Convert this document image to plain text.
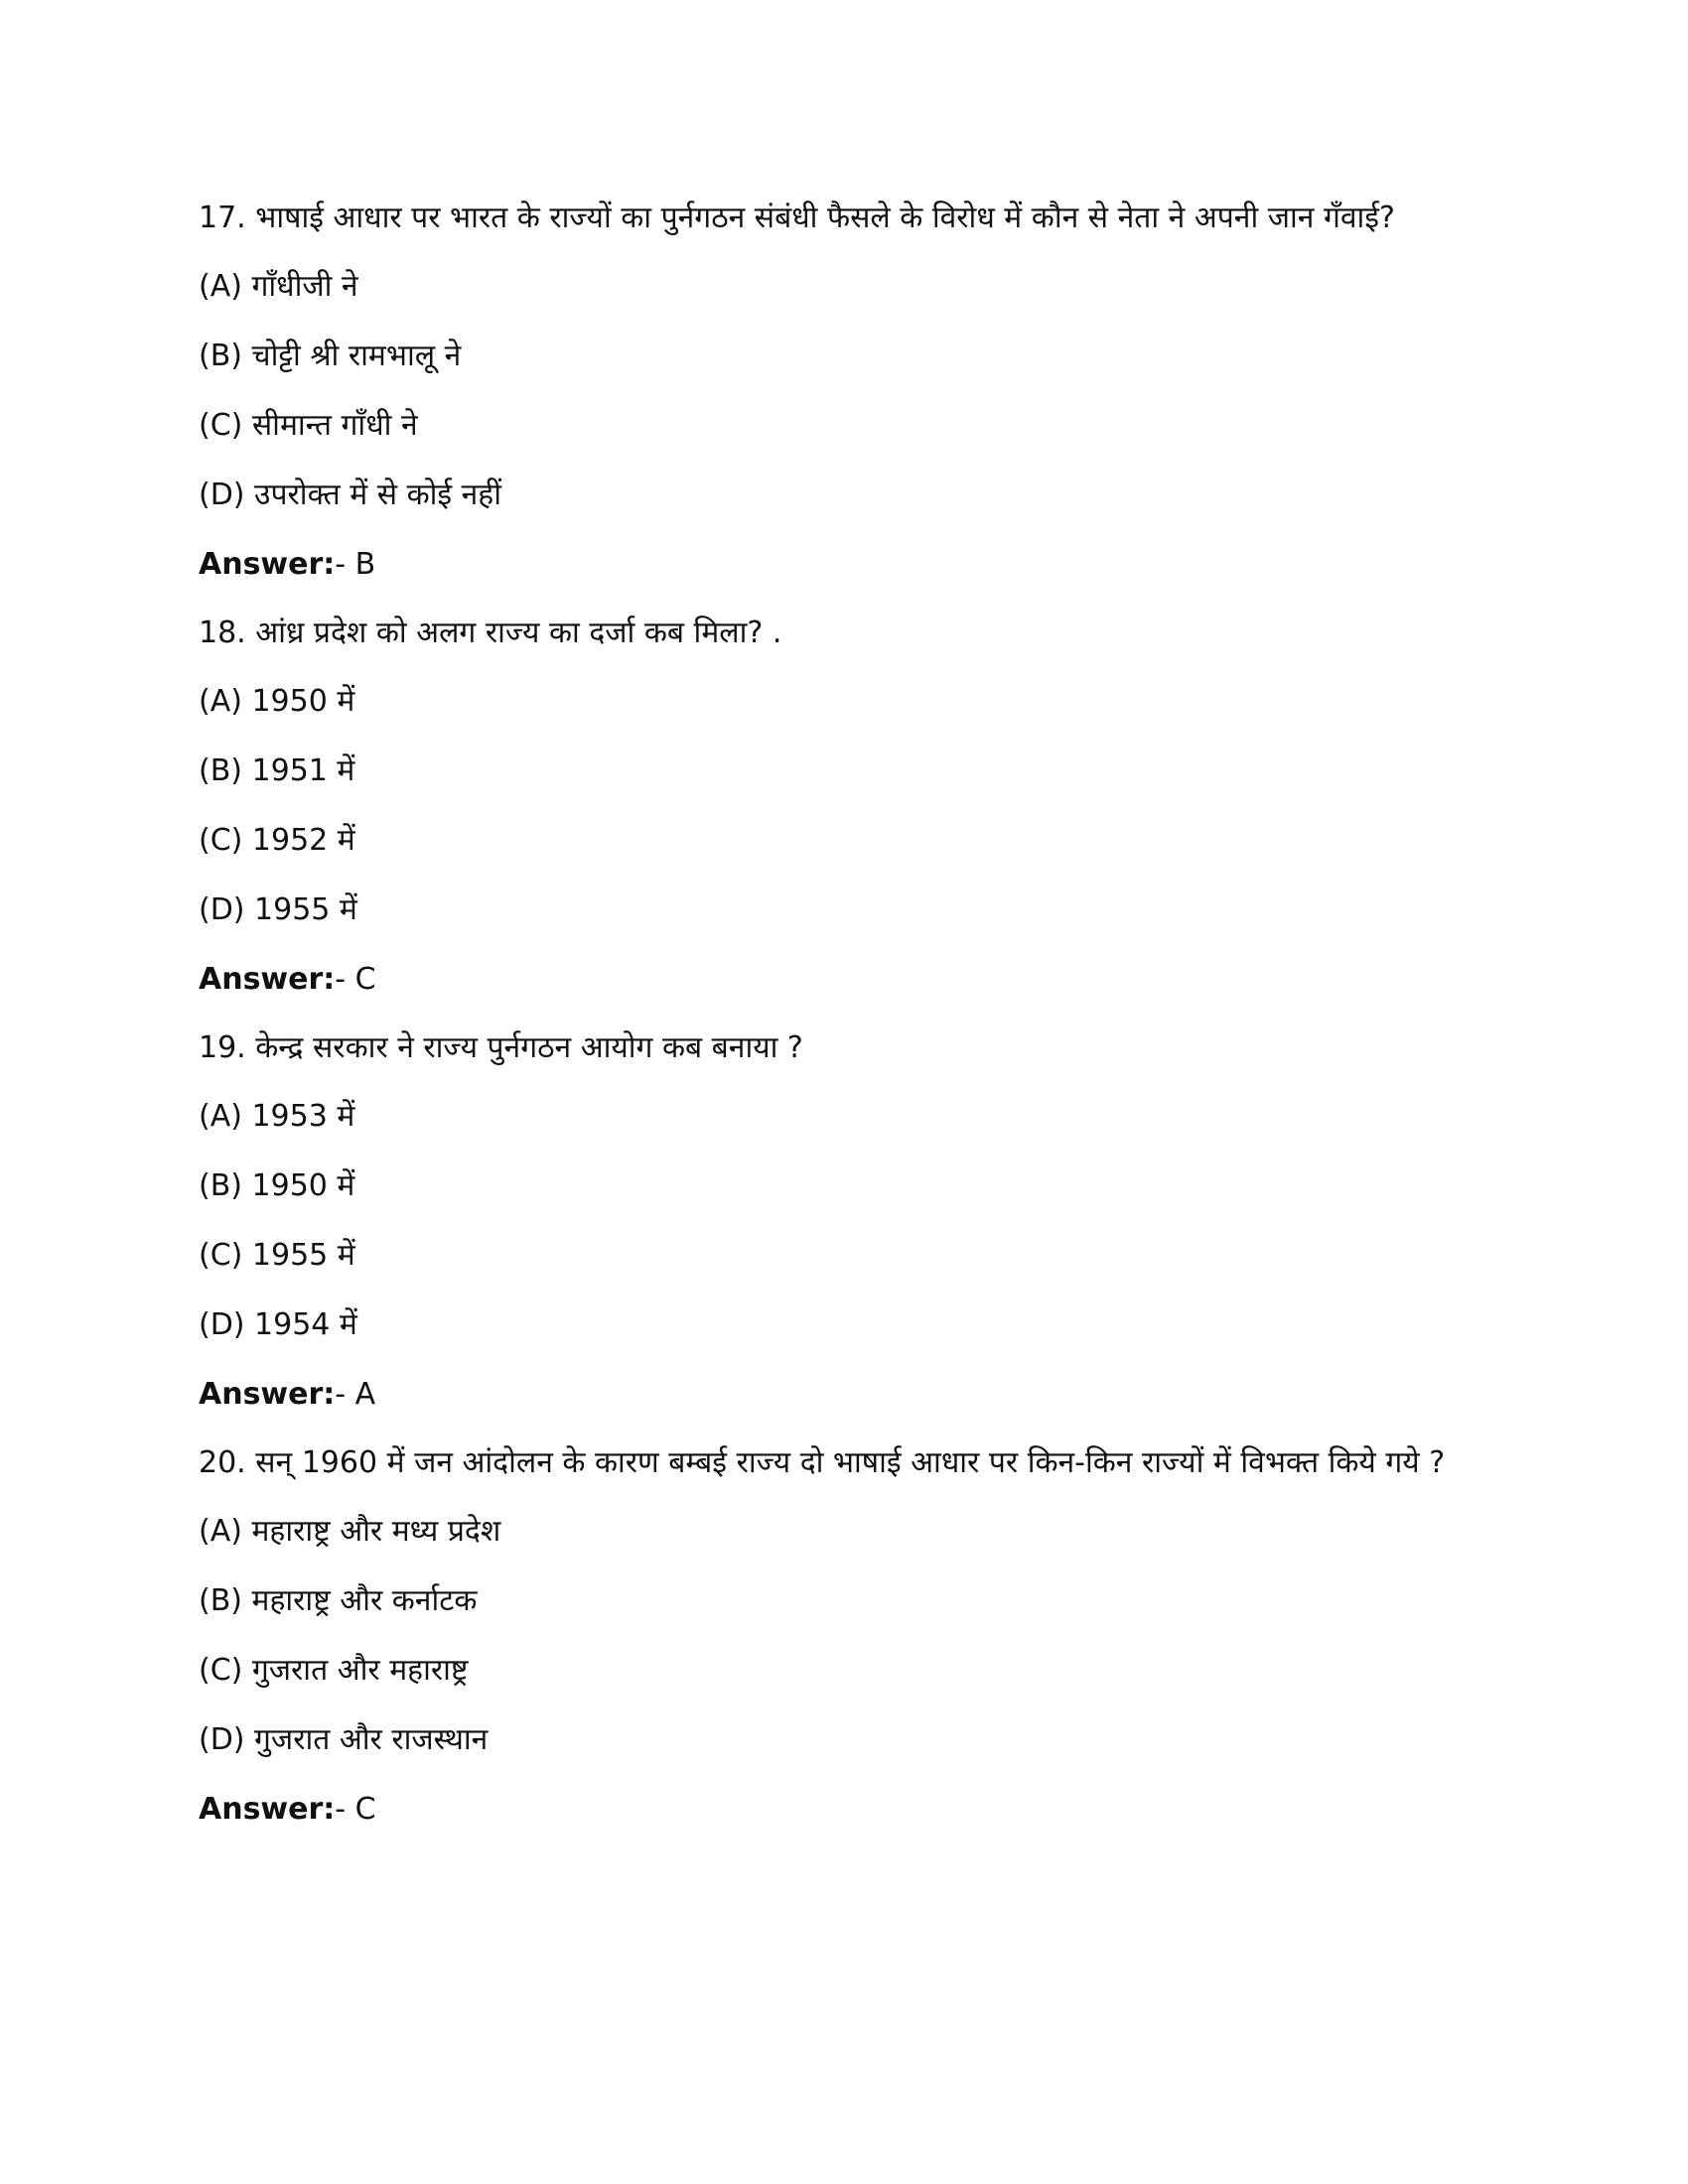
17. भाषाई आधार पर भारत के राज्यों का पुर्नगठन संबंधी फैसले के विरोध में कौन से नेता ने अपनी जान गँवाई?

(A) गाँधीजी ने
(B) चोट्टी श्री रामभालू ने
(C) सीमान्त गाँधी ने
(D) उपरोक्त में से कोई नहीं
Answer:- B

18. आंध्र प्रदेश को अलग राज्य का दर्जा कब मिला? .

(A) 1950 में
(B) 1951 में
(C) 1952 में
(D) 1955 में
Answer:- C

19. केन्द्र सरकार ने राज्य पुर्नगठन आयोग कब बनाया ?

(A) 1953 में
(B) 1950 में
(C) 1955 में
(D) 1954 में
Answer:- A

20. सन् 1960 में जन आंदोलन के कारण बम्बई राज्य दो भाषाई आधार पर किन-किन राज्यों में विभक्त किये गये ?

(A) महाराष्ट्र और मध्य प्रदेश
(B) महाराष्ट्र और कर्नाटक
(C) गुजरात और महाराष्ट्र
(D) गुजरात और राजस्थान
Answer:- C
